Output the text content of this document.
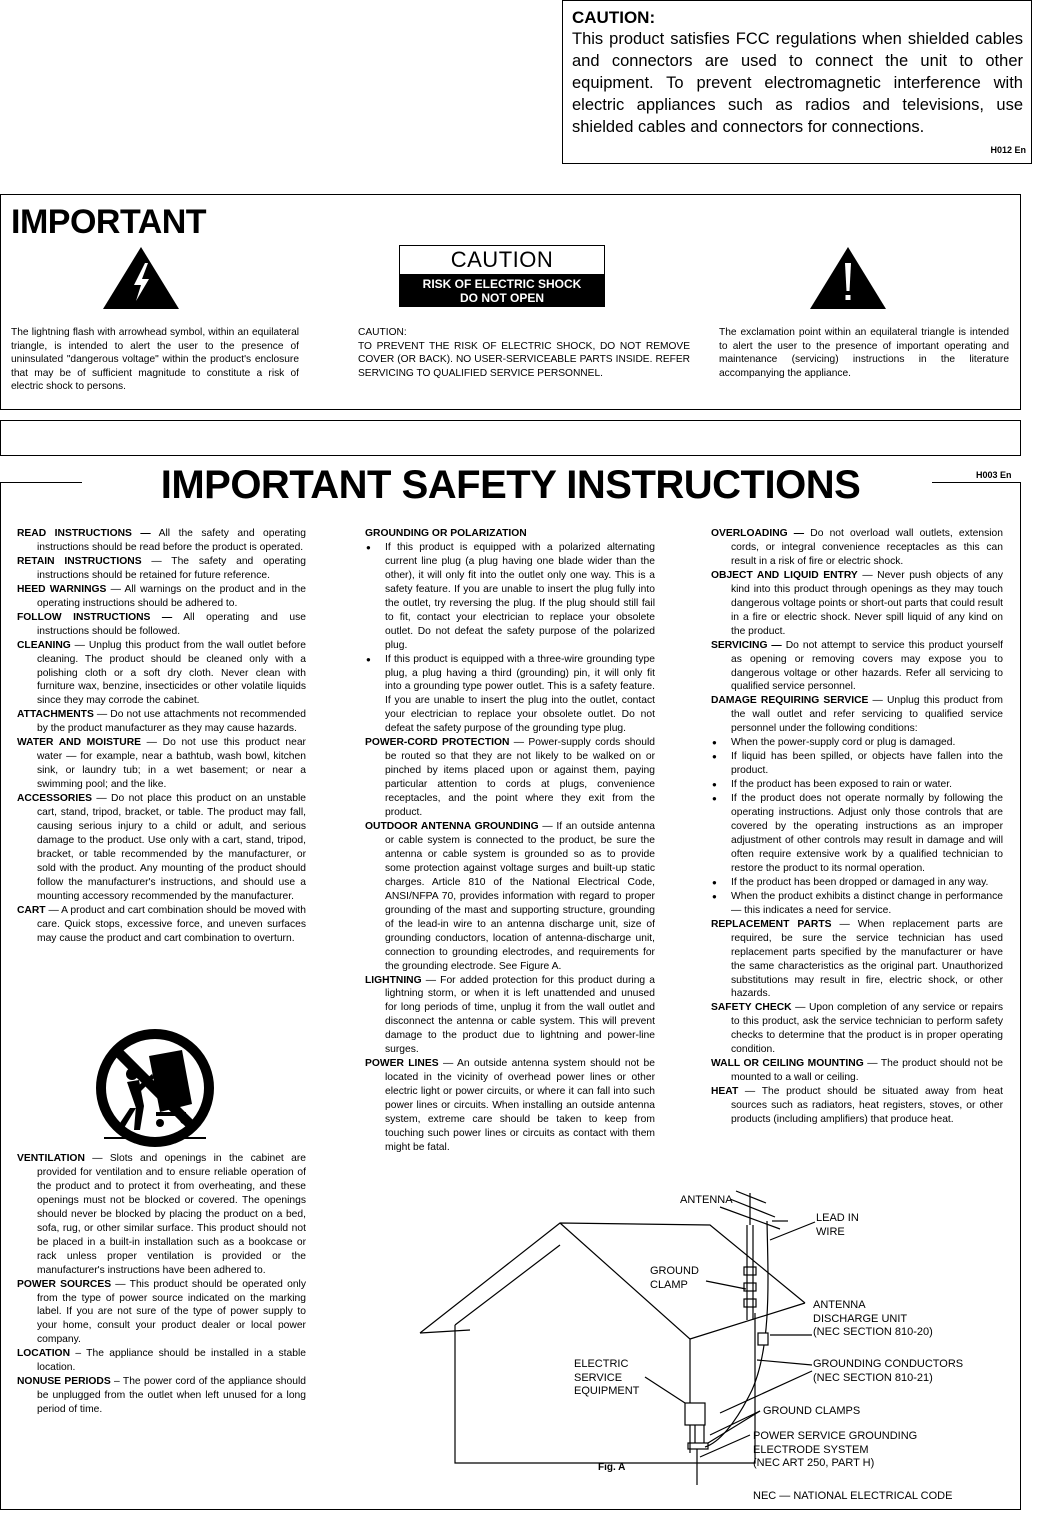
CAUTION:
This product satisfies FCC regulations when shielded cables and connectors are used to connect the unit to other equipment. To prevent electromagnetic interference with electric appliances such as radios and televisions, use shielded cables and connectors for connections.
H012 En
IMPORTANT
CAUTION
RISK OF ELECTRIC SHOCK
DO NOT OPEN
The lightning flash with arrowhead symbol, within an equilateral triangle, is intended to alert the user to the presence of uninsulated "dangerous voltage" within the product's enclosure that may be of sufficient magnitude to constitute a risk of electric shock to persons.
CAUTION:
TO PREVENT THE RISK OF ELECTRIC SHOCK, DO NOT REMOVE COVER (OR BACK). NO USER-SERVICEABLE PARTS INSIDE. REFER SERVICING TO QUALIFIED SERVICE PERSONNEL.
The exclamation point within an equilateral triangle is intended to alert the user to the presence of important operating and maintenance (servicing) instructions in the literature accompanying the appliance.
IMPORTANT SAFETY INSTRUCTIONS	H003 En

READ INSTRUCTIONS — All the safety and operating instructions should be read before the product is operated.

RETAIN INSTRUCTIONS — The safety and operating instructions should be retained for future reference.

HEED WARNINGS — All warnings on the product and in the operating instructions should be adhered to.

FOLLOW INSTRUCTIONS — All operating and use instructions should be followed.

CLEANING — Unplug this product from the wall outlet before cleaning. The product should be cleaned only with a polishing cloth or a soft dry cloth. Never clean with furniture wax, benzine, insecticides or other volatile liquids since they may corrode the cabinet.

ATTACHMENTS — Do not use attachments not recommended by the product manufacturer as they may cause hazards.

WATER AND MOISTURE — Do not use this product near water — for example, near a bathtub, wash bowl, kitchen sink, or laundry tub; in a wet basement; or near a swimming pool; and the like.

ACCESSORIES — Do not place this product on an unstable cart, stand, tripod, bracket, or table. The product may fall, causing serious injury to a child or adult, and serious damage to the product. Use only with a cart, stand, tripod, bracket, or table recommended by the manufacturer, or sold with the product. Any mounting of the product should follow the manufacturer's instructions, and should use a mounting accessory recommended by the manufacturer.

CART — A product and cart combination should be moved with care. Quick stops, excessive force, and uneven surfaces may cause the product and cart combination to overturn.

VENTILATION — Slots and openings in the cabinet are provided for ventilation and to ensure reliable operation of the product and to protect it from overheating, and these openings must not be blocked or covered. The openings should never be blocked by placing the product on a bed, sofa, rug, or other similar surface. This product should not be placed in a built-in installation such as a bookcase or rack unless proper ventilation is provided or the manufacturer's instructions have been adhered to.

POWER SOURCES — This product should be operated only from the type of power source indicated on the marking label. If you are not sure of the type of power supply to your home, consult your product dealer or local power company.

LOCATION – The appliance should be installed in a stable location.

NONUSE PERIODS – The power cord of the appliance should be unplugged from the outlet when left unused for a long period of time.

GROUNDING OR POLARIZATION

● If this product is equipped with a polarized alternating current line plug (a plug having one blade wider than the other), it will only fit into the outlet only one way. This is a safety feature. If you are unable to insert the plug fully into the outlet, try reversing the plug. If the plug should still fail to fit, contact your electrician to replace your obsolete outlet. Do not defeat the safety purpose of the polarized plug.

● If this product is equipped with a three-wire grounding type plug, a plug having a third (grounding) pin, it will only fit into a grounding type power outlet. This is a safety feature. If you are unable to insert the plug into the outlet, contact your electrician to replace your obsolete outlet. Do not defeat the safety purpose of the grounding type plug.

POWER-CORD PROTECTION — Power-supply cords should be routed so that they are not likely to be walked on or pinched by items placed upon or against them, paying particular attention to cords at plugs, convenience receptacles, and the point where they exit from the product.

OUTDOOR ANTENNA GROUNDING — If an outside antenna or cable system is connected to the product, be sure the antenna or cable system is grounded so as to provide some protection against voltage surges and built-up static charges. Article 810 of the National Electrical Code, ANSI/NFPA 70, provides information with regard to proper grounding of the mast and supporting structure, grounding of the lead-in wire to an antenna discharge unit, size of grounding conductors, location of antenna-discharge unit, connection to grounding electrodes, and requirements for the grounding electrode. See Figure A.

LIGHTNING — For added protection for this product during a lightning storm, or when it is left unattended and unused for long periods of time, unplug it from the wall outlet and disconnect the antenna or cable system. This will prevent damage to the product due to lightning and power-line surges.

POWER LINES — An outside antenna system should not be located in the vicinity of overhead power lines or other electric light or power circuits, or where it can fall into such power lines or circuits. When installing an outside antenna system, extreme care should be taken to keep from touching such power lines or circuits as contact with them might be fatal.

OVERLOADING — Do not overload wall outlets, extension cords, or integral convenience receptacles as this can result in a risk of fire or electric shock.

OBJECT AND LIQUID ENTRY — Never push objects of any kind into this product through openings as they may touch dangerous voltage points or short-out parts that could result in a fire or electric shock. Never spill liquid of any kind on the product.

SERVICING — Do not attempt to service this product yourself as opening or removing covers may expose you to dangerous voltage or other hazards. Refer all servicing to qualified service personnel.

DAMAGE REQUIRING SERVICE — Unplug this product from the wall outlet and refer servicing to qualified service personnel under the following conditions:

● When the power-supply cord or plug is damaged.

● If liquid has been spilled, or objects have fallen into the product.

● If the product has been exposed to rain or water.

● If the product does not operate normally by following the operating instructions. Adjust only those controls that are covered by the operating instructions as an improper adjustment of other controls may result in damage and will often require extensive work by a qualified technician to restore the product to its normal operation.

● If the product has been dropped or damaged in any way.

● When the product exhibits a distinct change in performance — this indicates a need for service.

REPLACEMENT PARTS — When replacement parts are required, be sure the service technician has used replacement parts specified by the manufacturer or have the same characteristics as the original part. Unauthorized substitutions may result in fire, electric shock, or other hazards.

SAFETY CHECK — Upon completion of any service or repairs to this product, ask the service technician to perform safety checks to determine that the product is in proper operating condition.

WALL OR CEILING MOUNTING — The product should not be mounted to a wall or ceiling.

HEAT — The product should be situated away from heat sources such as radiators, heat registers, stoves, or other products (including amplifiers) that produce heat.

ANTENNA
LEAD IN
WIRE
GROUND
CLAMP
ANTENNA
DISCHARGE UNIT
(NEC SECTION 810-20)
ELECTRIC
SERVICE
EQUIPMENT
GROUNDING CONDUCTORS
(NEC SECTION 810-21)
GROUND CLAMPS
POWER SERVICE GROUNDING
ELECTRODE SYSTEM
(NEC ART 250, PART H)
Fig. A
NEC — NATIONAL ELECTRICAL CODE
